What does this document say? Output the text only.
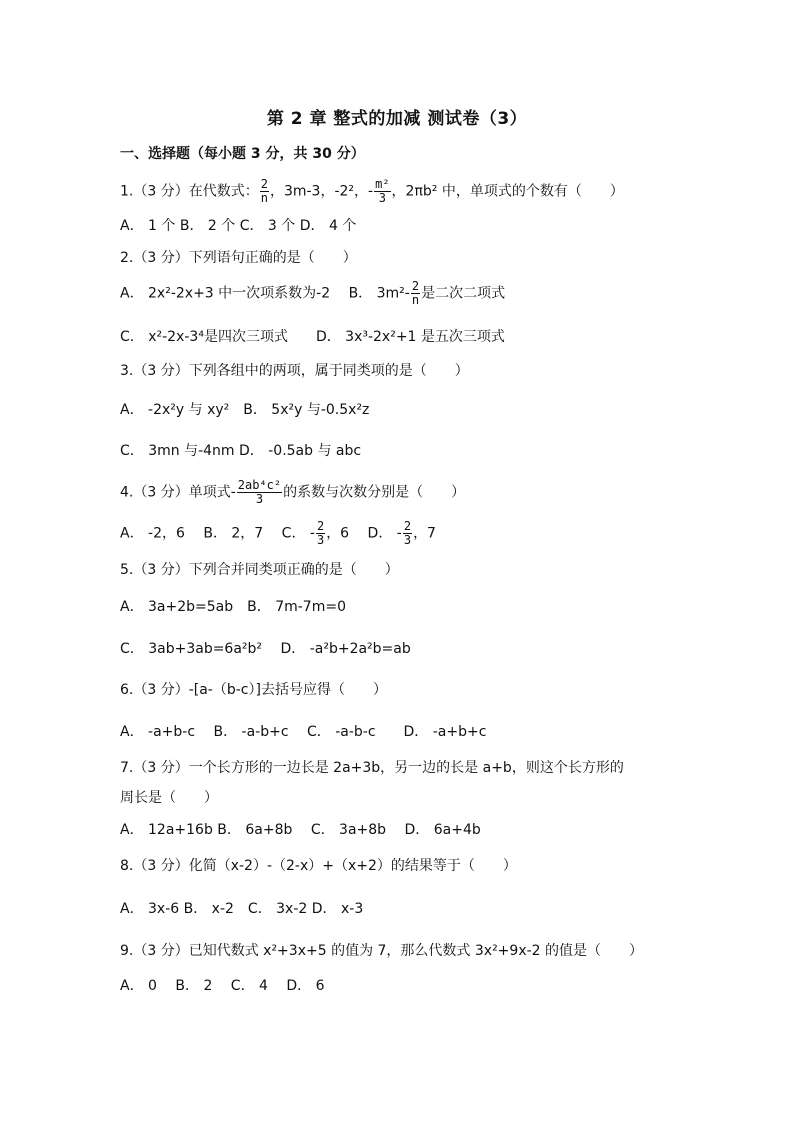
第 2 章 整式的加减 测试卷（3）
一、选择题（每小题 3 分，共 30 分）
1.（3 分）在代数式： $\frac{2}{n}$ ，3m-3，-2²，- $\frac{\text{m²}}{3}$ ，2πb² 中，单项式的个数有（　　）
A． 1 个 B． 2 个 C． 3 个 D． 4 个
2.（3 分）下列语句正确的是（　　）
A． 2x²-2x+3 中一次项系数为-2　 B． $3m^2- \frac{2}{n}$ 是二次二项式
C． x²-2x-3⁴是四次三项式　　D． 3x³-2x²+1 是五次三项式
3.（3 分）下列各组中的两项，属于同类项的是（　　）
A． -2x²y 与 xy²　B． 5x²y 与-0.5x²z
C． 3mn 与-4nm D． -0.5ab 与 abc
4.（3 分）单项式- $\frac{\text{2ab⁴c²}}{3}$ 的系数与次数分别是（　　）
A． -2，6　 B． 2，7　 C． - $\frac{2}{3}$ ，6　 D． - $\frac{2}{3}$ ，7
5.（3 分）下列合并同类项正确的是（　　）
A． 3a+2b=5ab　B． 7m-7m=0
C． 3ab+3ab=6a²b²　 D． -a²b+2a²b=ab
6.（3 分）-[a-（b-c）]去括号应得（　　）
A． -a+b-c　 B． -a-b+c　 C． -a-b-c　　D． -a+b+c
7.（3 分）一个长方形的一边长是 2a+3b，另一边的长是 a+b，则这个长方形的
周长是（　　）
A． 12a+16b B． 6a+8b　 C． 3a+8b　 D． 6a+4b
8.（3 分）化简（x-2）-（2-x）+（x+2）的结果等于（　　）
A． 3x-6 B． x-2　C． 3x-2 D． x-3
9.（3 分）已知代数式 x²+3x+5 的值为 7，那么代数式 3x²+9x-2 的值是（　　）
A． 0　 B． 2　 C． 4　 D． 6
